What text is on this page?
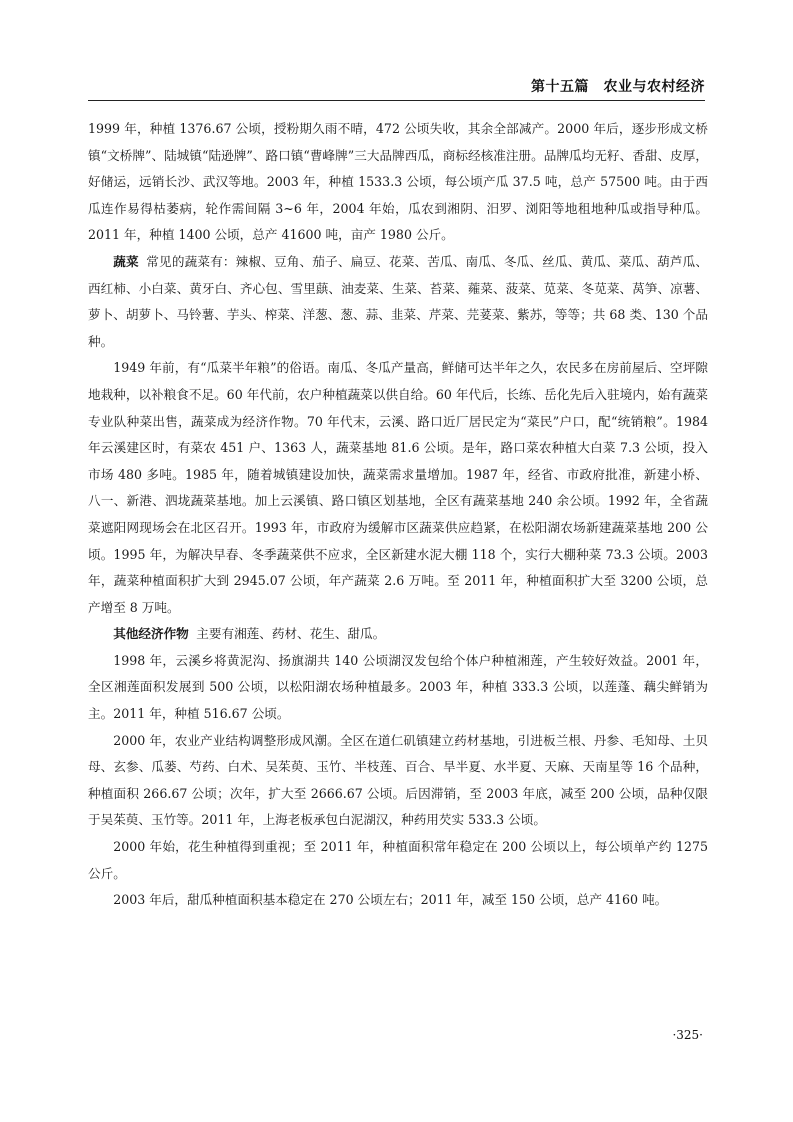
第十五篇　农业与农村经济

1999 年，种植 1376.67 公顷，授粉期久雨不晴，472 公顷失收，其余全部减产。2000 年后，逐步形成文桥镇“文桥牌”、陆城镇“陆逊牌”、路口镇“曹峰牌”三大品牌西瓜，商标经核准注册。品牌瓜均无籽、香甜、皮厚，好储运，远销长沙、武汉等地。2003 年，种植 1533.3 公顷，每公顷产瓜 37.5 吨，总产 57500 吨。由于西瓜连作易得枯萎病，轮作需间隔 3~6 年，2004 年始，瓜农到湘阴、汨罗、浏阳等地租地种瓜或指导种瓜。2011 年，种植 1400 公顷，总产 41600 吨，亩产 1980 公斤。

蔬菜 常见的蔬菜有：辣椒、豆角、茄子、扁豆、花菜、苦瓜、南瓜、冬瓜、丝瓜、黄瓜、菜瓜、葫芦瓜、西红柿、小白菜、黄牙白、齐心包、雪里蕻、油麦菜、生菜、苔菜、蕹菜、菠菜、苋菜、冬苋菜、莴笋、凉薯、萝卜、胡萝卜、马铃薯、芋头、榨菜、洋葱、葱、蒜、韭菜、芹菜、芫荽菜、紫苏，等等；共 68 类、130 个品种。

1949 年前，有“瓜菜半年粮”的俗语。南瓜、冬瓜产量高，鲜储可达半年之久，农民多在房前屋后、空坪隙地栽种，以补粮食不足。60 年代前，农户种植蔬菜以供自给。60 年代后，长练、岳化先后入驻境内，始有蔬菜专业队种菜出售，蔬菜成为经济作物。70 年代末，云溪、路口近厂居民定为“菜民”户口，配“统销粮”。1984 年云溪建区时，有菜农 451 户、1363 人，蔬菜基地 81.6 公顷。是年，路口菜农种植大白菜 7.3 公顷，投入市场 480 多吨。1985 年，随着城镇建设加快，蔬菜需求量增加。1987 年，经省、市政府批准，新建小桥、八一、新港、泗垅蔬菜基地。加上云溪镇、路口镇区划基地，全区有蔬菜基地 240 余公顷。1992 年，全省蔬菜遮阳网现场会在北区召开。1993 年，市政府为缓解市区蔬菜供应趋紧，在松阳湖农场新建蔬菜基地 200 公顷。1995 年，为解决早春、冬季蔬菜供不应求，全区新建水泥大棚 118 个，实行大棚种菜 73.3 公顷。2003 年，蔬菜种植面积扩大到 2945.07 公顷，年产蔬菜 2.6 万吨。至 2011 年，种植面积扩大至 3200 公顷，总产增至 8 万吨。

其他经济作物 主要有湘莲、药材、花生、甜瓜。

1998 年，云溪乡将黄泥沟、扬旗湖共 140 公顷湖汊发包给个体户种植湘莲，产生较好效益。2001 年，全区湘莲面积发展到 500 公顷，以松阳湖农场种植最多。2003 年，种植 333.3 公顷，以莲蓬、藕尖鲜销为主。2011 年，种植 516.67 公顷。

2000 年，农业产业结构调整形成风潮。全区在道仁矶镇建立药材基地，引进板兰根、丹参、毛知母、土贝母、玄参、瓜蒌、芍药、白术、吴茱萸、玉竹、半枝莲、百合、旱半夏、水半夏、天麻、天南星等 16 个品种，种植面积 266.67 公顷；次年，扩大至 2666.67 公顷。后因滞销，至 2003 年底，减至 200 公顷，品种仅限于吴茱萸、玉竹等。2011 年，上海老板承包白泥湖汉，种药用芡实 533.3 公顷。

2000 年始，花生种植得到重视；至 2011 年，种植面积常年稳定在 200 公顷以上，每公顷单产约 1275 公斤。

2003 年后，甜瓜种植面积基本稳定在 270 公顷左右；2011 年，减至 150 公顷，总产 4160 吨。

·325·
